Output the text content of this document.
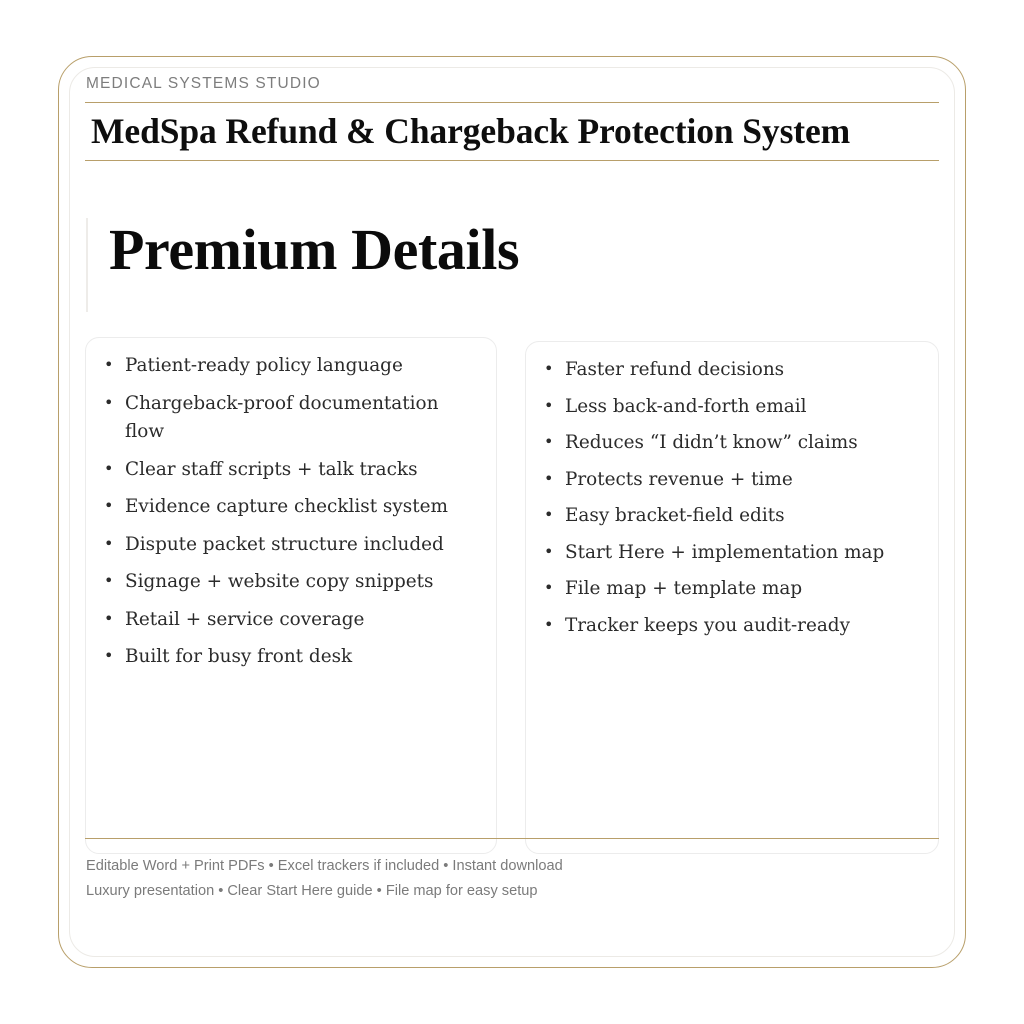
MEDICAL SYSTEMS STUDIO
MedSpa Refund & Chargeback Protection System
Premium Details
• Patient-ready policy language
• Chargeback-proof documentation flow
• Clear staff scripts + talk tracks
• Evidence capture checklist system
• Dispute packet structure included
• Signage + website copy snippets
• Retail + service coverage
• Built for busy front desk
• Faster refund decisions
• Less back-and-forth email
• Reduces “I didn’t know” claims
• Protects revenue + time
• Easy bracket-field edits
• Start Here + implementation map
• File map + template map
• Tracker keeps you audit-ready
Editable Word + Print PDFs • Excel trackers if included • Instant download
Luxury presentation • Clear Start Here guide • File map for easy setup
